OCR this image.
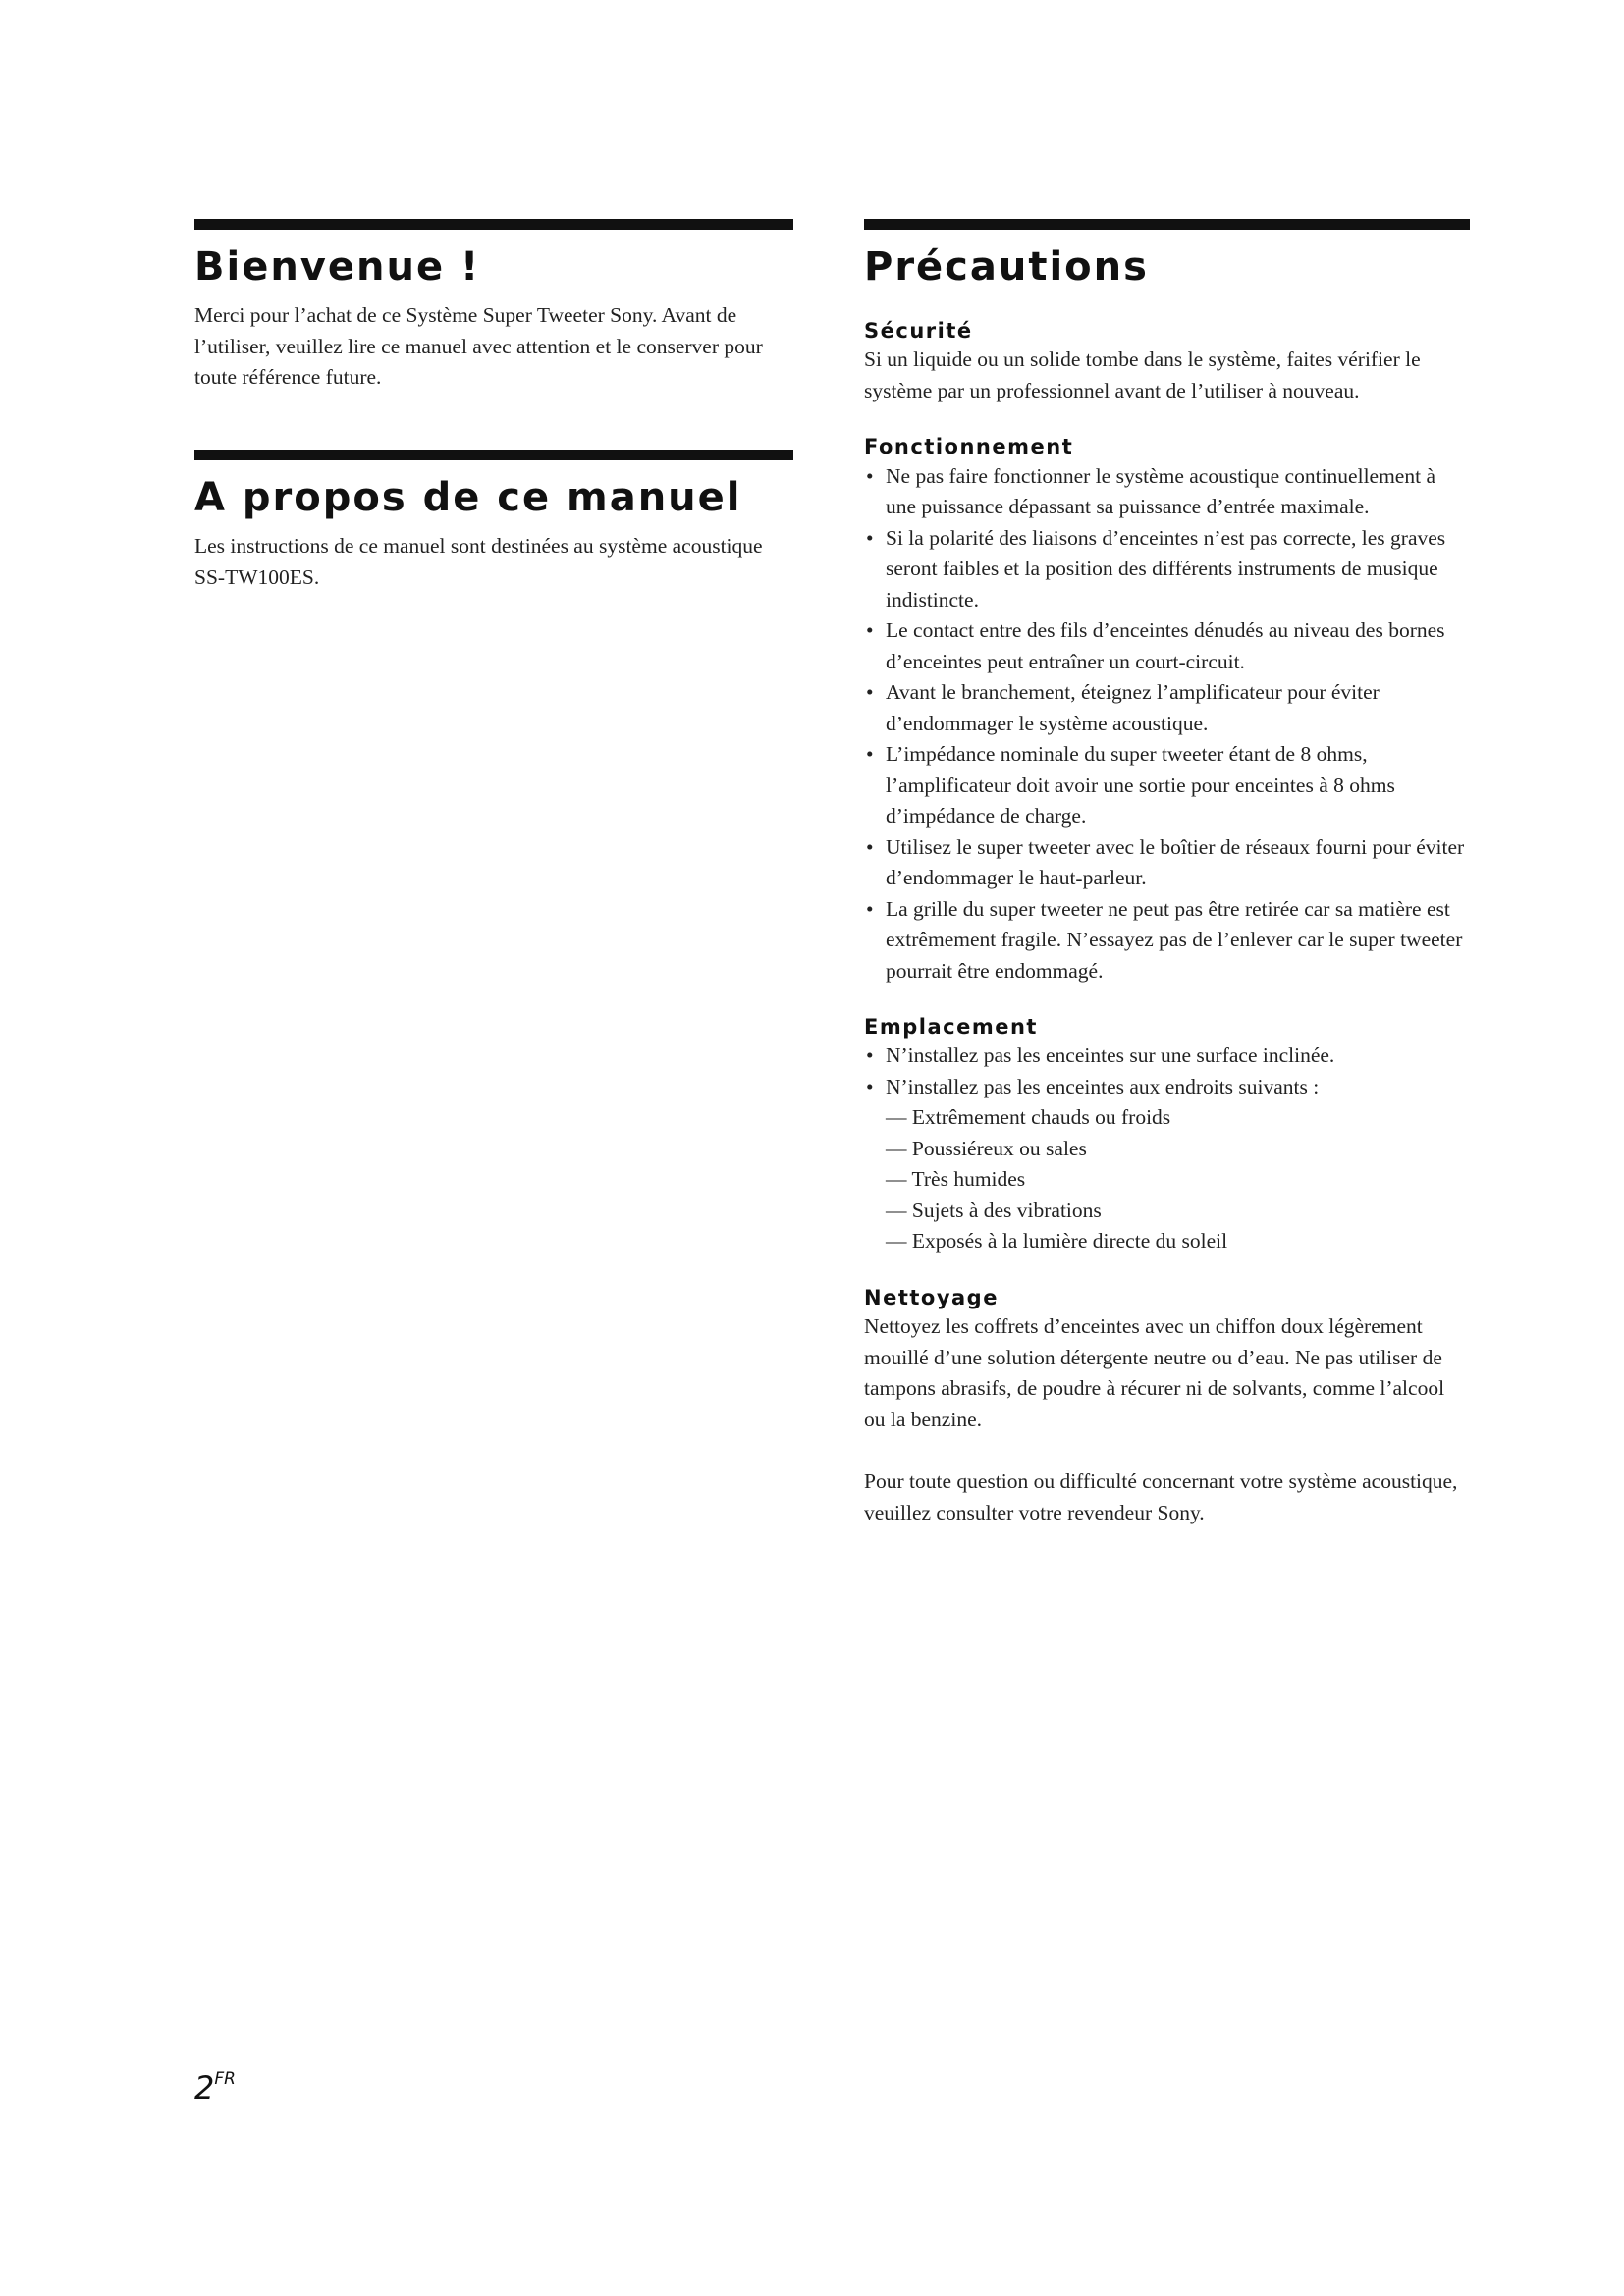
Bienvenue !

Merci pour l’achat de ce Système Super Tweeter Sony. Avant de l’utiliser, veuillez lire ce manuel avec attention et le conserver pour toute référence future.

A propos de ce manuel

Les instructions de ce manuel sont destinées au système acoustique SS-TW100ES.

Précautions
Sécurité

Si un liquide ou un solide tombe dans le système, faites vérifier le système par un professionnel avant de l’utiliser à nouveau.

Fonctionnement
• Ne pas faire fonctionner le système acoustique continuellement à une puissance dépassant sa puissance d’entrée maximale.
• Si la polarité des liaisons d’enceintes n’est pas correcte, les graves seront faibles et la position des différents instruments de musique indistincte.
• Le contact entre des fils d’enceintes dénudés au niveau des bornes d’enceintes peut entraîner un court-circuit.
• Avant le branchement, éteignez l’amplificateur pour éviter d’endommager le système acoustique.
• L’impédance nominale du super tweeter étant de 8 ohms, l’amplificateur doit avoir une sortie pour enceintes à 8 ohms d’impédance de charge.
• Utilisez le super tweeter avec le boîtier de réseaux fourni pour éviter d’endommager le haut-parleur.
• La grille du super tweeter ne peut pas être retirée car sa matière est extrêmement fragile. N’essayez pas de l’enlever car le super tweeter pourrait être endommagé.
Emplacement
• N’installez pas les enceintes sur une surface inclinée.
• N’installez pas les enceintes aux endroits suivants :
— Extrêmement chauds ou froids
— Poussiéreux ou sales
— Très humides
— Sujets à des vibrations
— Exposés à la lumière directe du soleil
Nettoyage

Nettoyez les coffrets d’enceintes avec un chiffon doux légèrement mouillé d’une solution détergente neutre ou d’eau. Ne pas utiliser de tampons abrasifs, de poudre à récurer ni de solvants, comme l’alcool ou la benzine.

Pour toute question ou difficulté concernant votre système acoustique, veuillez consulter votre revendeur Sony.

$2^{FR}$
